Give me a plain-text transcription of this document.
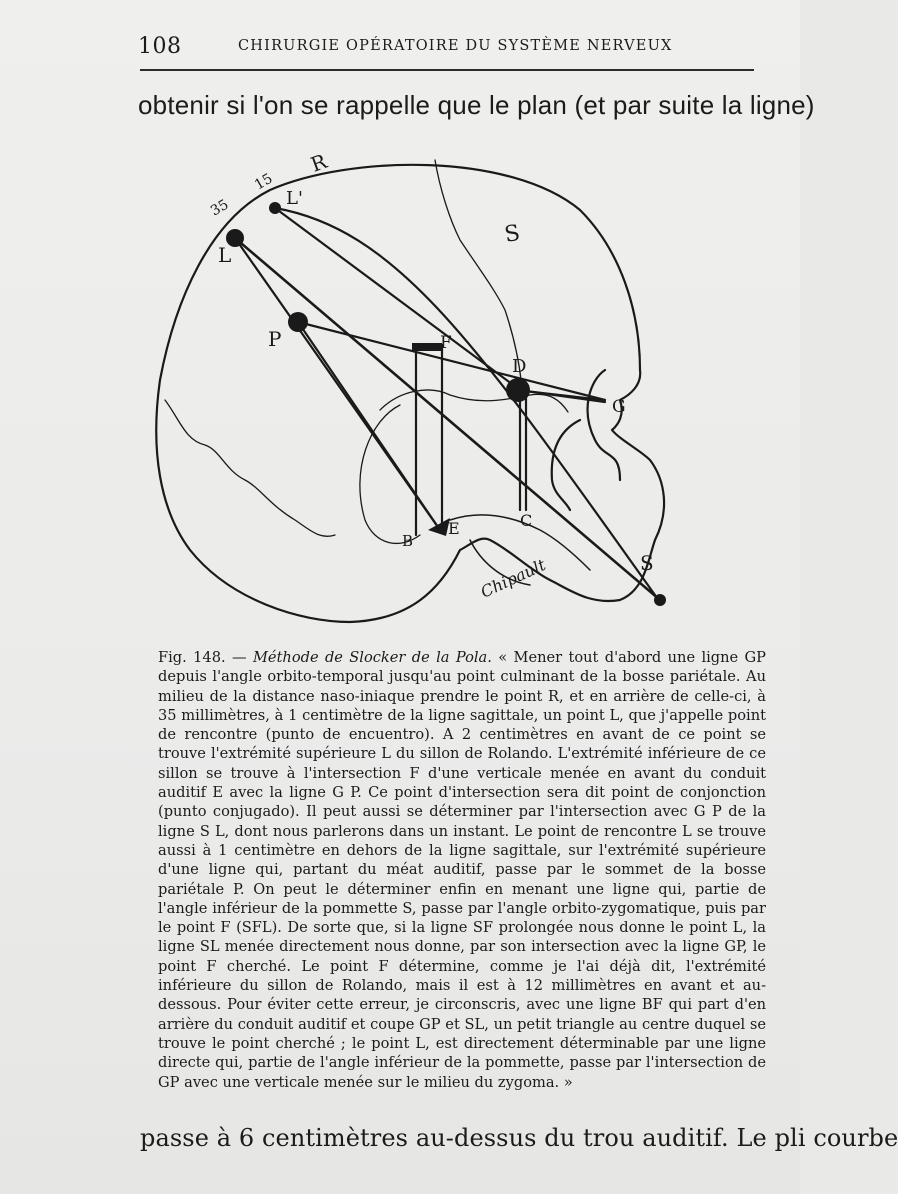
108	CHIRURGIE OPÉRATOIRE DU SYSTÈME NERVEUX
obtenir si l'on se rappelle que le plan (et par suite la ligne)
R
15
L'
35
L
P	F
D
G
C
B
E
S
S
Chipault
Fig. 148. — Méthode de Slocker de la Pola. « Mener tout d'abord une ligne GP depuis l'angle orbito-temporal jusqu'au point culminant de la bosse pariétale. Au milieu de la distance naso-iniaque prendre le point R, et en arrière de celle-ci, à 35 millimètres, à 1 centimètre de la ligne sagittale, un point L, que j'appelle point de rencontre (punto de encuentro). A 2 centimètres en avant de ce point se trouve l'extrémité supérieure L du sillon de Rolando. L'extrémité inférieure de ce sillon se trouve à l'intersection F d'une verticale menée en avant du conduit auditif E avec la ligne G P. Ce point d'intersection sera dit point de conjonction (punto conjugado). Il peut aussi se déterminer par l'intersection avec G P de la ligne S L, dont nous parlerons dans un instant. Le point de rencontre L se trouve aussi à 1 centimètre en dehors de la ligne sagittale, sur l'extrémité supérieure d'une ligne qui, partant du méat auditif, passe par le sommet de la bosse pariétale P. On peut le déterminer enfin en menant une ligne qui, partie de l'angle inférieur de la pommette S, passe par l'angle orbito-zygomatique, puis par le point F (SFL). De sorte que, si la ligne SF prolongée nous donne le point L, la ligne SL menée directement nous donne, par son intersection avec la ligne GP, le point F cherché. Le point F détermine, comme je l'ai déjà dit, l'extrémité inférieure du sillon de Rolando, mais il est à 12 millimètres en avant et au-dessous. Pour éviter cette erreur, je circonscris, avec une ligne BF qui part d'en arrière du conduit auditif et coupe GP et SL, un petit triangle au centre duquel se trouve le point cherché ; le point L, est directement déterminable par une ligne directe qui, partie de l'angle inférieur de la pommette, passe par l'intersection de GP avec une verticale menée sur le milieu du zygoma. »
passe à 6 centimètres au-dessus du trou auditif. Le pli courbe
